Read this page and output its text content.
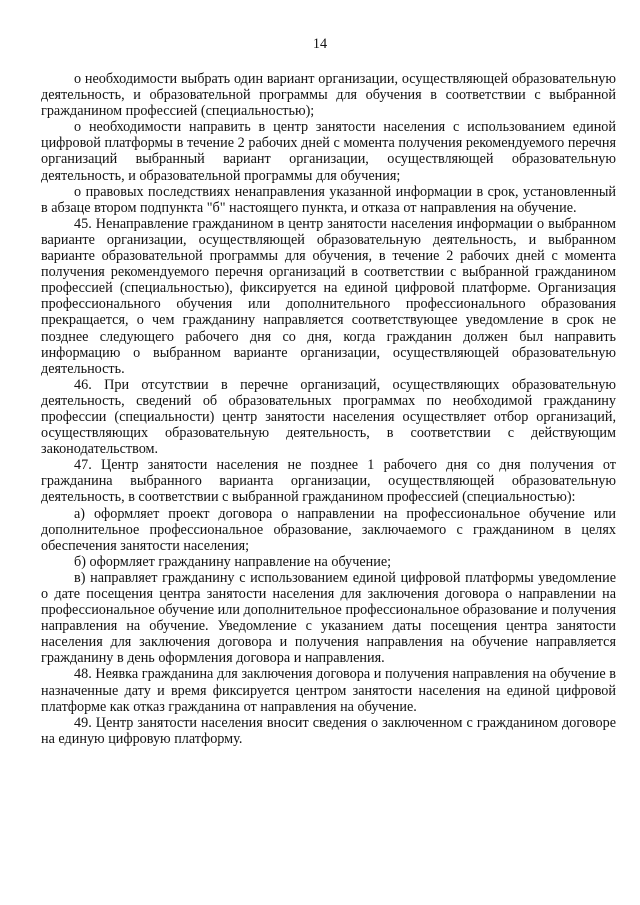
14

о необходимости выбрать один вариант организации, осуществляющей образовательную деятельность, и образовательной программы для обучения в соответствии с выбранной гражданином профессией (специальностью);

о необходимости направить в центр занятости населения с использованием единой цифровой платформы в течение 2 рабочих дней с момента получения рекомендуемого перечня организаций выбранный вариант организации, осуществляющей образовательную деятельность, и образовательной программы для обучения;

о правовых последствиях ненаправления указанной информации в срок, установленный в абзаце втором подпункта "б" настоящего пункта, и отказа от направления на обучение.

45. Ненаправление гражданином в центр занятости населения информации о выбранном варианте организации, осуществляющей образовательную деятельность, и выбранном варианте образовательной программы для обучения, в течение 2 рабочих дней с момента получения рекомендуемого перечня организаций в соответствии с выбранной гражданином профессией (специальностью), фиксируется на единой цифровой платформе. Организация профессионального обучения или дополнительного профессионального образования прекращается, о чем гражданину направляется соответствующее уведомление в срок не позднее следующего рабочего дня со дня, когда гражданин должен был направить информацию о выбранном варианте организации, осуществляющей образовательную деятельность.

46. При отсутствии в перечне организаций, осуществляющих образовательную деятельность, сведений об образовательных программах по необходимой гражданину профессии (специальности) центр занятости населения осуществляет отбор организаций, осуществляющих образовательную деятельность, в соответствии с действующим законодательством.

47. Центр занятости населения не позднее 1 рабочего дня со дня получения от гражданина выбранного варианта организации, осуществляющей образовательную деятельность, в соответствии с выбранной гражданином профессией (специальностью):

а) оформляет проект договора о направлении на профессиональное обучение или дополнительное профессиональное образование, заключаемого с гражданином в целях обеспечения занятости населения;

б) оформляет гражданину направление на обучение;

в) направляет гражданину с использованием единой цифровой платформы уведомление о дате посещения центра занятости населения для заключения договора о направлении на профессиональное обучение или дополнительное профессиональное образование и получения направления на обучение. Уведомление с указанием даты посещения центра занятости населения для заключения договора и получения направления на обучение направляется гражданину в день оформления договора и направления.

48. Неявка гражданина для заключения договора и получения направления на обучение в назначенные дату и время фиксируется центром занятости населения на единой цифровой платформе как отказ гражданина от направления на обучение.

49. Центр занятости населения вносит сведения о заключенном с гражданином договоре на единую цифровую платформу.
